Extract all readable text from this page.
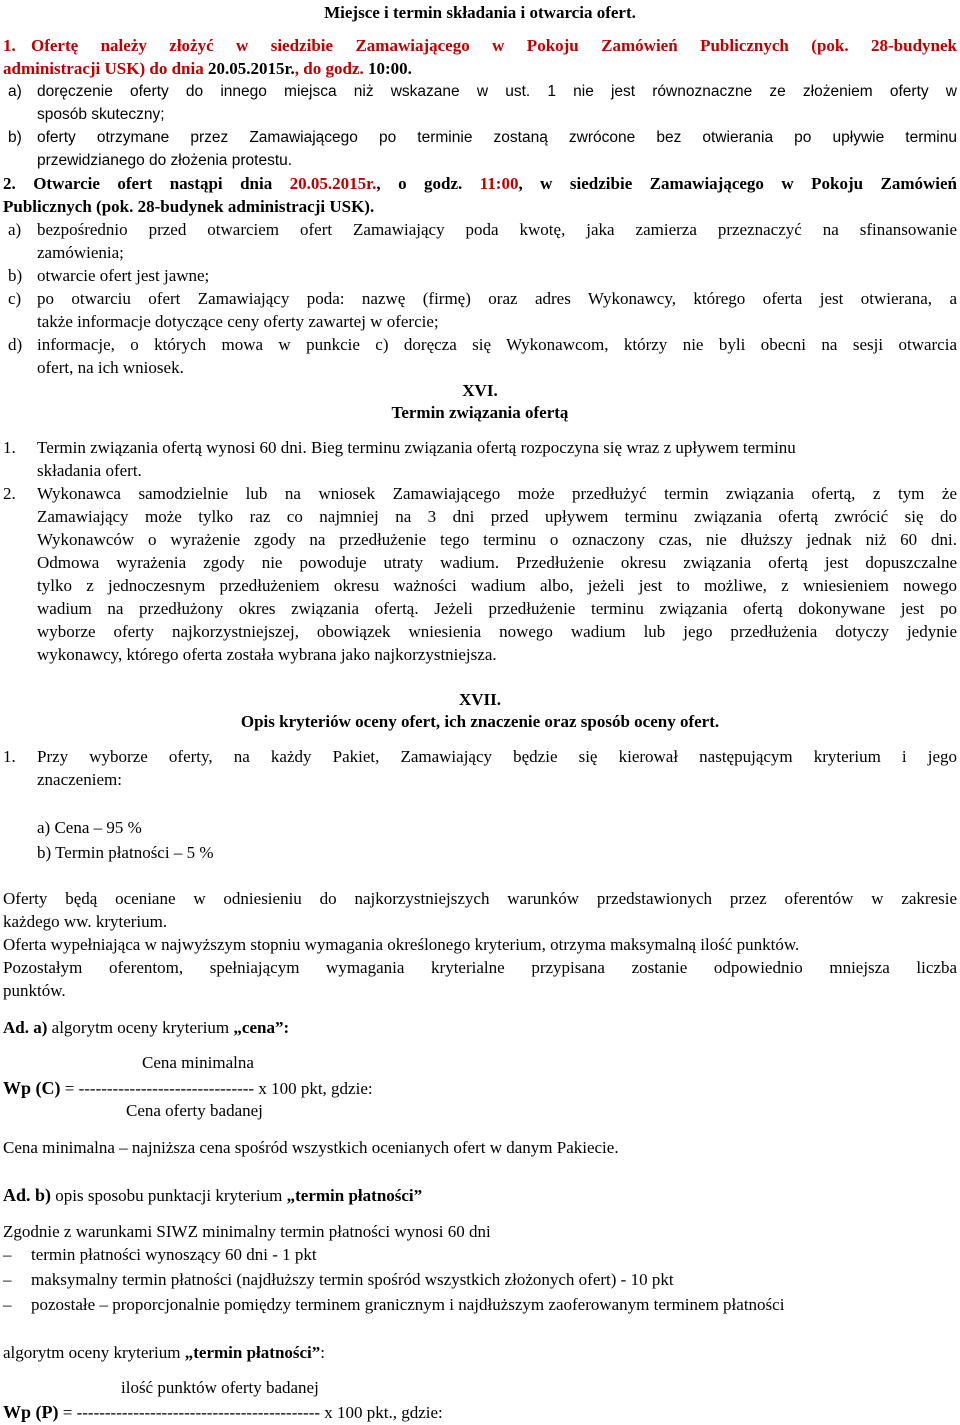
Miejsce i termin składania i otwarcia ofert.
1. Ofertę należy złożyć w siedzibie Zamawiającego w Pokoju Zamówień Publicznych (pok. 28-budynek
administracji USK) do dnia 20.05.2015r., do godz. 10:00.
a) doręczenie oferty do innego miejsca niż wskazane w ust. 1 nie jest równoznaczne ze złożeniem oferty w
sposób skuteczny;
b) oferty otrzymane przez Zamawiającego po terminie zostaną zwrócone bez otwierania po upływie terminu
przewidzianego do złożenia protestu.
2. Otwarcie ofert nastąpi dnia 20.05.2015r., o godz. 11:00, w siedzibie Zamawiającego w Pokoju Zamówień
Publicznych (pok. 28-budynek administracji USK).
a) bezpośrednio przed otwarciem ofert Zamawiający poda kwotę, jaka zamierza przeznaczyć na sfinansowanie
zamówienia;
b) otwarcie ofert jest jawne;
c) po otwarciu ofert Zamawiający poda: nazwę (firmę) oraz adres Wykonawcy, którego oferta jest otwierana, a
także informacje dotyczące ceny oferty zawartej w ofercie;
d) informacje, o których mowa w punkcie c) doręcza się Wykonawcom, którzy nie byli obecni na sesji otwarcia
ofert, na ich wniosek.
XVI.
Termin związania ofertą
1. Termin związania ofertą wynosi 60 dni. Bieg terminu związania ofertą rozpoczyna się wraz z upływem terminu
składania ofert.
2. Wykonawca samodzielnie lub na wniosek Zamawiającego może przedłużyć termin związania ofertą, z tym że
Zamawiający może tylko raz co najmniej na 3 dni przed upływem terminu związania ofertą zwrócić się do
Wykonawców o wyrażenie zgody na przedłużenie tego terminu o oznaczony czas, nie dłuższy jednak niż 60 dni.
Odmowa wyrażenia zgody nie powoduje utraty wadium. Przedłużenie okresu związania ofertą jest dopuszczalne
tylko z jednoczesnym przedłużeniem okresu ważności wadium albo, jeżeli jest to możliwe, z wniesieniem nowego
wadium na przedłużony okres związania ofertą. Jeżeli przedłużenie terminu związania ofertą dokonywane jest po
wyborze oferty najkorzystniejszej, obowiązek wniesienia nowego wadium lub jego przedłużenia dotyczy jedynie
wykonawcy, którego oferta została wybrana jako najkorzystniejsza.
XVII.
Opis kryteriów oceny ofert, ich znaczenie oraz sposób oceny ofert.
1. Przy wyborze oferty, na każdy Pakiet, Zamawiający będzie się kierował następującym kryterium i jego
znaczeniem:
a) Cena – 95 %
b) Termin płatności – 5 %
Oferty będą oceniane w odniesieniu do najkorzystniejszych warunków przedstawionych przez oferentów w zakresie
każdego ww. kryterium.
Oferta wypełniająca w najwyższym stopniu wymagania określonego kryterium, otrzyma maksymalną ilość punktów.
Pozostałym oferentom, spełniającym wymagania kryterialne przypisana zostanie odpowiednio mniejsza liczba
punktów.
Ad. a) algorytm oceny kryterium „cena”:
Cena minimalna
Wp (C) = ------------------------------- x 100 pkt, gdzie:
Cena oferty badanej
Cena minimalna – najniższa cena spośród wszystkich ocenianych ofert w danym Pakiecie.
Ad. b) opis sposobu punktacji kryterium „termin płatności”
Zgodnie z warunkami SIWZ minimalny termin płatności wynosi 60 dni
– termin płatności wynoszący 60 dni - 1 pkt
– maksymalny termin płatności (najdłuższy termin spośród wszystkich złożonych ofert) - 10 pkt
– pozostałe – proporcjonalnie pomiędzy terminem granicznym i najdłuższym zaoferowanym terminem płatności
algorytm oceny kryterium „termin płatności”:
ilość punktów oferty badanej
Wp (P) = ------------------------------------------- x 100 pkt., gdzie:
